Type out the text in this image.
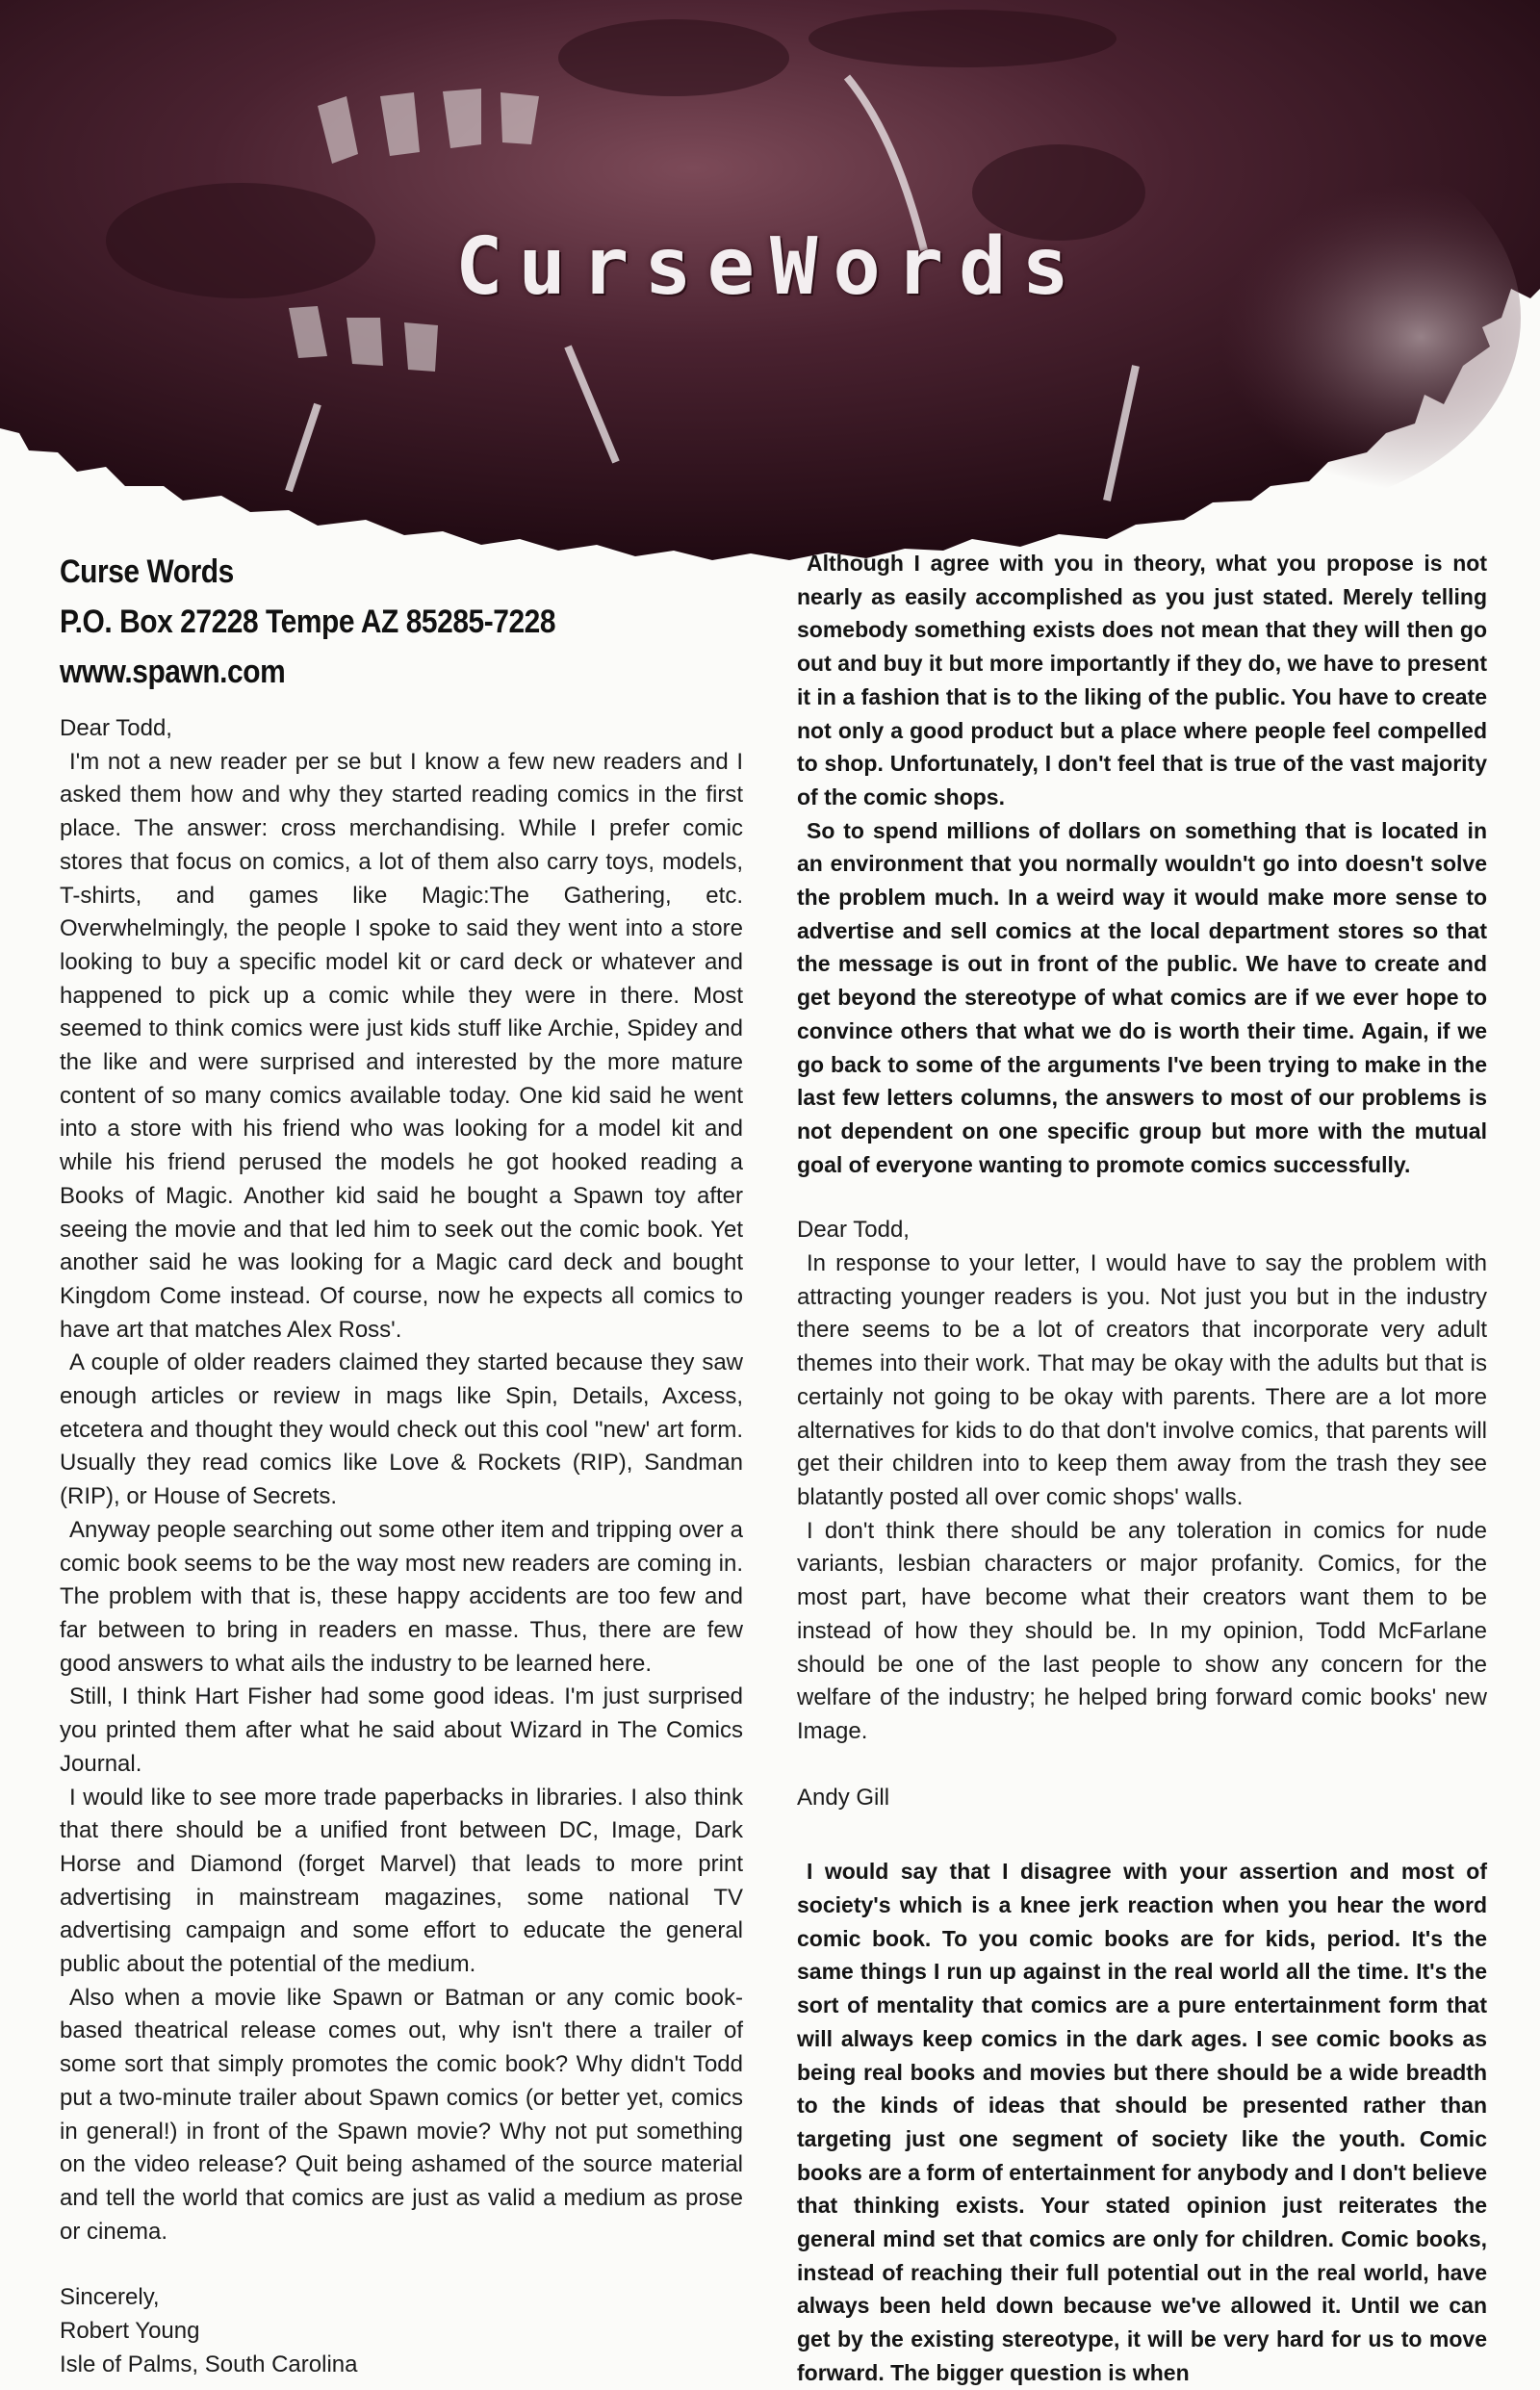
CurseWords
Curse Words
P.O. Box 27228 Tempe AZ 85285-7228
www.spawn.com

Dear Todd,

I'm not a new reader per se but I know a few new readers and I asked them how and why they started reading comics in the first place. The answer: cross merchandising. While I prefer comic stores that focus on comics, a lot of them also carry toys, models, T-shirts, and games like Magic:The Gathering, etc. Overwhelmingly, the people I spoke to said they went into a store looking to buy a specific model kit or card deck or whatever and happened to pick up a comic while they were in there. Most seemed to think comics were just kids stuff like Archie, Spidey and the like and were surprised and interested by the more mature content of so many comics available today. One kid said he went into a store with his friend who was looking for a model kit and while his friend perused the models he got hooked reading a Books of Magic. Another kid said he bought a Spawn toy after seeing the movie and that led him to seek out the comic book. Yet another said he was looking for a Magic card deck and bought Kingdom Come instead. Of course, now he expects all comics to have art that matches Alex Ross'.

A couple of older readers claimed they started because they saw enough articles or review in mags like Spin, Details, Axcess, etcetera and thought they would check out this cool "new' art form. Usually they read comics like Love & Rockets (RIP), Sandman (RIP), or House of Secrets.

Anyway people searching out some other item and tripping over a comic book seems to be the way most new readers are coming in. The problem with that is, these happy accidents are too few and far between to bring in readers en masse. Thus, there are few good answers to what ails the industry to be learned here.

Still, I think Hart Fisher had some good ideas. I'm just surprised you printed them after what he said about Wizard in The Comics Journal.

I would like to see more trade paperbacks in libraries. I also think that there should be a unified front between DC, Image, Dark Horse and Diamond (forget Marvel) that leads to more print advertising in mainstream magazines, some national TV advertising campaign and some effort to educate the general public about the potential of the medium.

Also when a movie like Spawn or Batman or any comic book-based theatrical release comes out, why isn't there a trailer of some sort that simply promotes the comic book? Why didn't Todd put a two-minute trailer about Spawn comics (or better yet, comics in general!) in front of the Spawn movie? Why not put something on the video release? Quit being ashamed of the source material and tell the world that comics are just as valid a medium as prose or cinema.

Sincerely,

Robert Young

Isle of Palms, South Carolina

Although I agree with you in theory, what you propose is not nearly as easily accomplished as you just stated. Merely telling somebody something exists does not mean that they will then go out and buy it but more importantly if they do, we have to present it in a fashion that is to the liking of the public. You have to create not only a good product but a place where people feel compelled to shop. Unfortunately, I don't feel that is true of the vast majority of the comic shops.

So to spend millions of dollars on something that is located in an environment that you normally wouldn't go into doesn't solve the problem much. In a weird way it would make more sense to advertise and sell comics at the local department stores so that the message is out in front of the public. We have to create and get beyond the stereotype of what comics are if we ever hope to convince others that what we do is worth their time. Again, if we go back to some of the arguments I've been trying to make in the last few letters columns, the answers to most of our problems is not dependent on one specific group but more with the mutual goal of everyone wanting to promote comics successfully.

Dear Todd,

In response to your letter, I would have to say the problem with attracting younger readers is you. Not just you but in the industry there seems to be a lot of creators that incorporate very adult themes into their work. That may be okay with the adults but that is certainly not going to be okay with parents. There are a lot more alternatives for kids to do that don't involve comics, that parents will get their children into to keep them away from the trash they see blatantly posted all over comic shops' walls.

I don't think there should be any toleration in comics for nude variants, lesbian characters or major profanity. Comics, for the most part, have become what their creators want them to be instead of how they should be. In my opinion, Todd McFarlane should be one of the last people to show any concern for the welfare of the industry; he helped bring forward comic books' new Image.

Andy Gill

I would say that I disagree with your assertion and most of society's which is a knee jerk reaction when you hear the word comic book. To you comic books are for kids, period. It's the same things I run up against in the real world all the time. It's the sort of mentality that comics are a pure entertainment form that will always keep comics in the dark ages. I see comic books as being real books and movies but there should be a wide breadth to the kinds of ideas that should be presented rather than targeting just one segment of society like the youth. Comic books are a form of entertainment for anybody and I don't believe that thinking exists. Your stated opinion just reiterates the general mind set that comics are only for children. Comic books, instead of reaching their full potential out in the real world, have always been held down because we've allowed it. Until we can get by the existing stereotype, it will be very hard for us to move forward. The bigger question is when
